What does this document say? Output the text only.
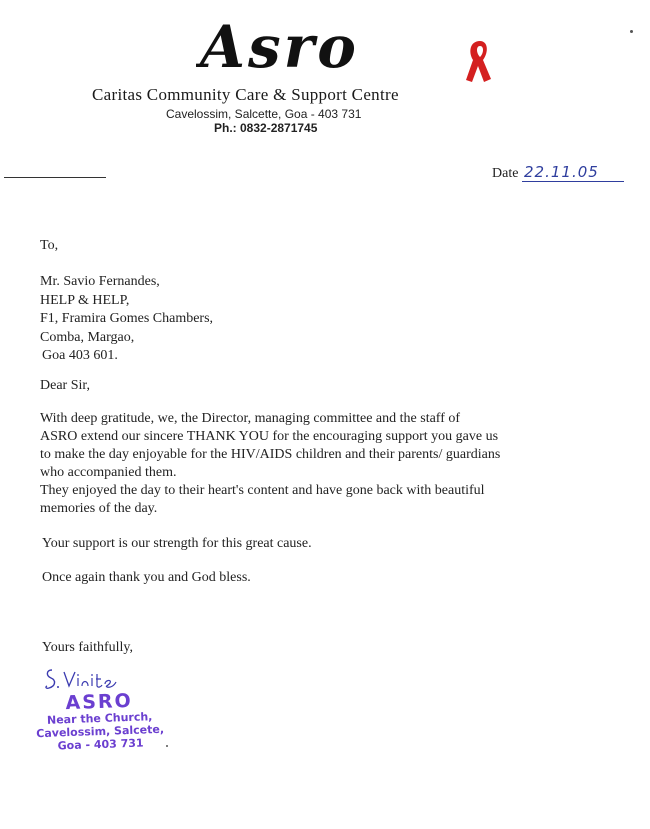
Asro
Caritas Community Care & Support Centre
Cavelossim, Salcette, Goa - 403 731
Ph.: 0832-2871745
Date 22.11.05
To,
Mr. Savio Fernandes,
HELP & HELP,
F1, Framira Gomes Chambers,
Comba, Margao,
Goa 403 601.
Dear Sir,
With deep gratitude, we, the Director, managing committee and the staff of
ASRO extend our sincere THANK YOU for the encouraging support you gave us
to make the day enjoyable for the HIV/AIDS children and their parents/ guardians
who accompanied them.
They enjoyed the day to their heart's content and have gone back with beautiful
memories of the day.
Your support is our strength for this great cause.
Once again thank you and God bless.
Yours faithfully,
ASRO
Near the Church,
Cavelossim, Salcete,
Goa - 403 731
